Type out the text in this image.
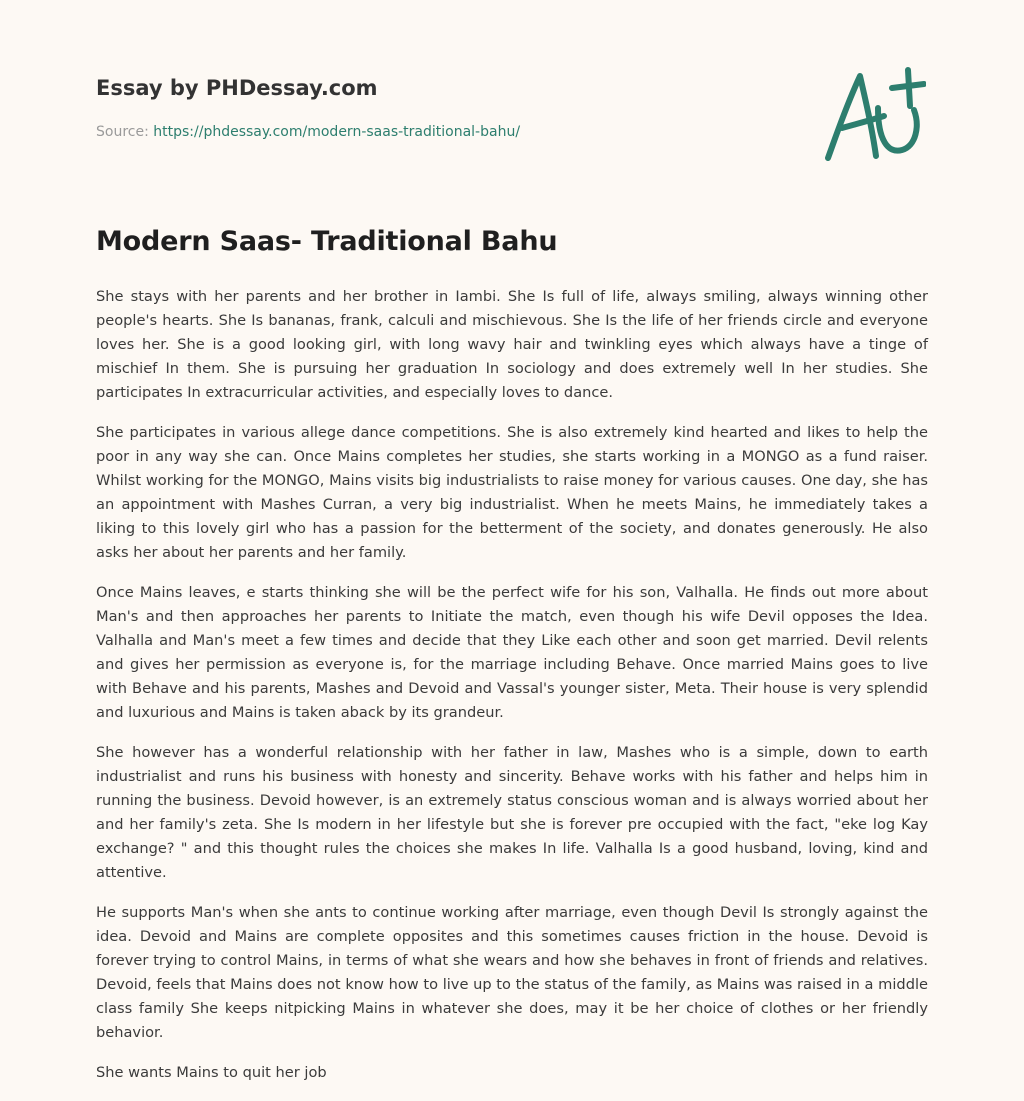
Essay by PHDessay.com

Source: https://phdessay.com/modern-saas-traditional-bahu/

Modern Saas- Traditional Bahu

She stays with her parents and her brother in Iambi. She Is full of life, always smiling, always winning other people's hearts. She Is bananas, frank, calculi and mischievous. She Is the life of her friends circle and everyone loves her. She is a good looking girl, with long wavy hair and twinkling eyes which always have a tinge of mischief In them. She is pursuing her graduation In sociology and does extremely well In her studies. She participates In extracurricular activities, and especially loves to dance.

She participates in various allege dance competitions. She is also extremely kind hearted and likes to help the poor in any way she can. Once Mains completes her studies, she starts working in a MONGO as a fund raiser. Whilst working for the MONGO, Mains visits big industrialists to raise money for various causes. One day, she has an appointment with Mashes Curran, a very big industrialist. When he meets Mains, he immediately takes a liking to this lovely girl who has a passion for the betterment of the society, and donates generously. He also asks her about her parents and her family.

Once Mains leaves, e starts thinking she will be the perfect wife for his son, Valhalla. He finds out more about Man's and then approaches her parents to Initiate the match, even though his wife Devil opposes the Idea. Valhalla and Man's meet a few times and decide that they Like each other and soon get married. Devil relents and gives her permission as everyone is, for the marriage including Behave. Once married Mains goes to live with Behave and his parents, Mashes and Devoid and Vassal's younger sister, Meta. Their house is very splendid and luxurious and Mains is taken aback by its grandeur.

She however has a wonderful relationship with her father in law, Mashes who is a simple, down to earth industrialist and runs his business with honesty and sincerity. Behave works with his father and helps him in running the business. Devoid however, is an extremely status conscious woman and is always worried about her and her family's zeta. She Is modern in her lifestyle but she is forever pre occupied with the fact, "eke log Kay exchange? " and this thought rules the choices she makes In life. Valhalla Is a good husband, loving, kind and attentive.

He supports Man's when she ants to continue working after marriage, even though Devil Is strongly against the idea. Devoid and Mains are complete opposites and this sometimes causes friction in the house. Devoid is forever trying to control Mains, in terms of what she wears and how she behaves in front of friends and relatives. Devoid, feels that Mains does not know how to live up to the status of the family, as Mains was raised in a middle class family She keeps nitpicking Mains in whatever she does, may it be her choice of clothes or her friendly behavior.

She wants Mains to quit her job
